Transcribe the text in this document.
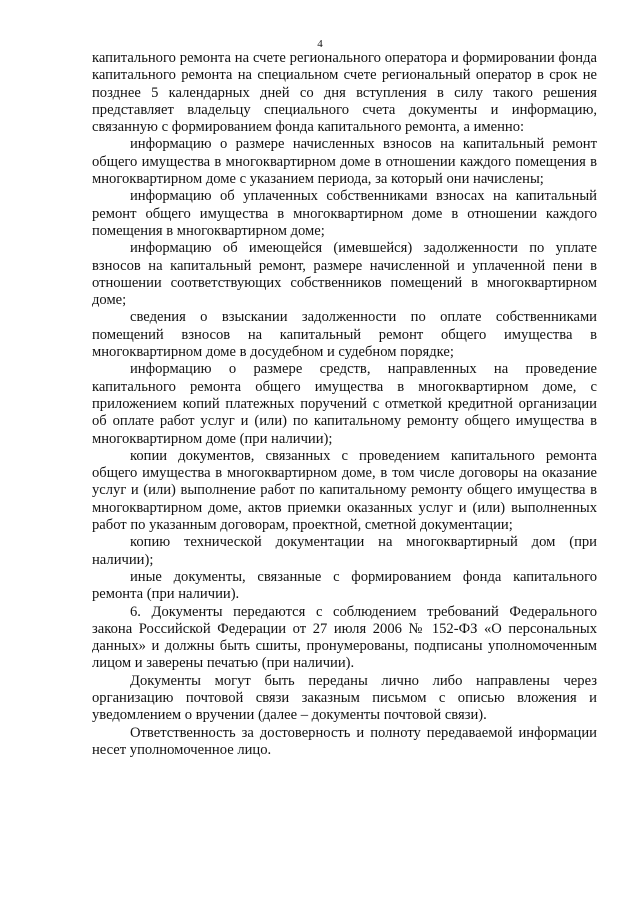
4

капитального ремонта на счете регионального оператора и формировании фонда капитального ремонта на специальном счете региональный оператор в срок не позднее 5 календарных дней со дня вступления в силу такого решения представляет владельцу специального счета документы и информацию, связанную с формированием фонда капитального ремонта, а именно:

информацию о размере начисленных взносов на капитальный ремонт общего имущества в многоквартирном доме в отношении каждого помещения в многоквартирном доме с указанием периода, за который они начислены;

информацию об уплаченных собственниками взносах на капитальный ремонт общего имущества в многоквартирном доме в отношении каждого помещения в многоквартирном доме;

информацию об имеющейся (имевшейся) задолженности по уплате взносов на капитальный ремонт, размере начисленной и уплаченной пени в отношении соответствующих собственников помещений в многоквартирном доме;

сведения о взыскании задолженности по оплате собственниками помещений взносов на капитальный ремонт общего имущества в многоквартирном доме в досудебном и судебном порядке;

информацию о размере средств, направленных на проведение капитального ремонта общего имущества в многоквартирном доме, с приложением копий платежных поручений с отметкой кредитной организации об оплате работ услуг и (или) по капитальному ремонту общего имущества в многоквартирном доме (при наличии);

копии документов, связанных с проведением капитального ремонта общего имущества в многоквартирном доме, в том числе договоры на оказание услуг и (или) выполнение работ по капитальному ремонту общего имущества в многоквартирном доме, актов приемки оказанных услуг и (или) выполненных работ по указанным договорам, проектной, сметной документации;

копию технической документации на многоквартирный дом (при наличии);

иные документы, связанные с формированием фонда капитального ремонта (при наличии).

6. Документы передаются с соблюдением требований Федерального закона Российской Федерации от 27 июля 2006 № 152-ФЗ «О персональных данных» и должны быть сшиты, пронумерованы, подписаны уполномоченным лицом и заверены печатью (при наличии).

Документы могут быть переданы лично либо направлены через организацию почтовой связи заказным письмом с описью вложения и уведомлением о вручении (далее – документы почтовой связи).

Ответственность за достоверность и полноту передаваемой информации несет уполномоченное лицо.
